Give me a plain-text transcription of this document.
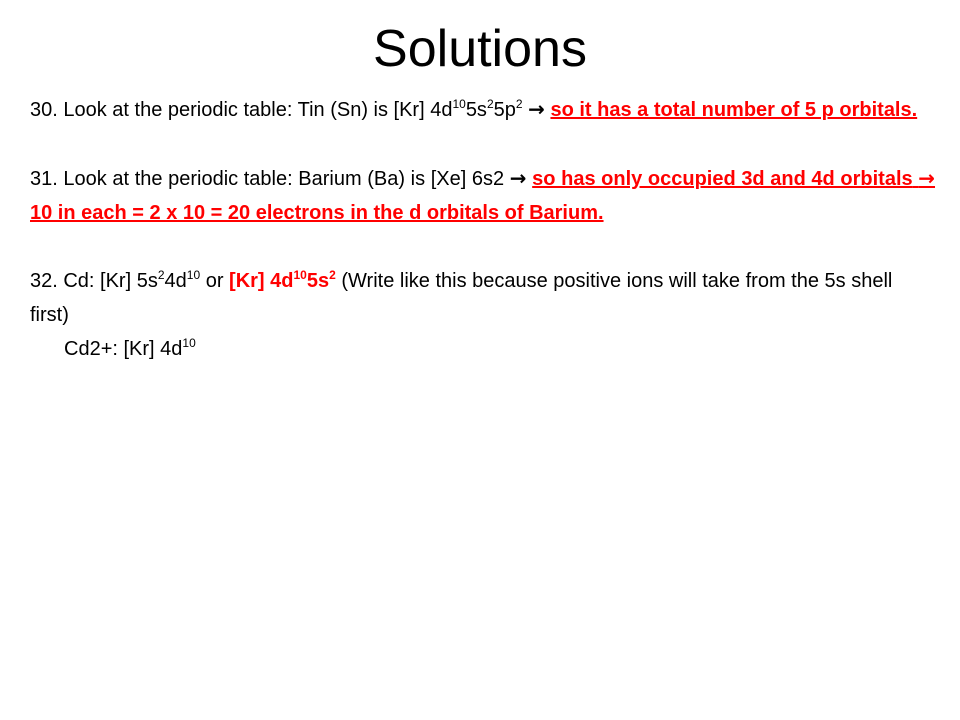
Solutions

30. Look at the periodic table: Tin (Sn) is [Kr] $4d^{10}5s^25p^2$ → so it has a total number of 5 p orbitals.

31. Look at the periodic table: Barium (Ba) is [Xe] 6s2 → so has only occupied 3d and 4d orbitals → 10 in each = 2 x 10 = 20 electrons in the d orbitals of Barium.

32. Cd: [Kr] $5s^24d^{10}$ or [Kr] $4d^{10}5s^2$ (Write like this because positive ions will take from the 5s shell first)
Cd2+: [Kr] $4d^{10}$
